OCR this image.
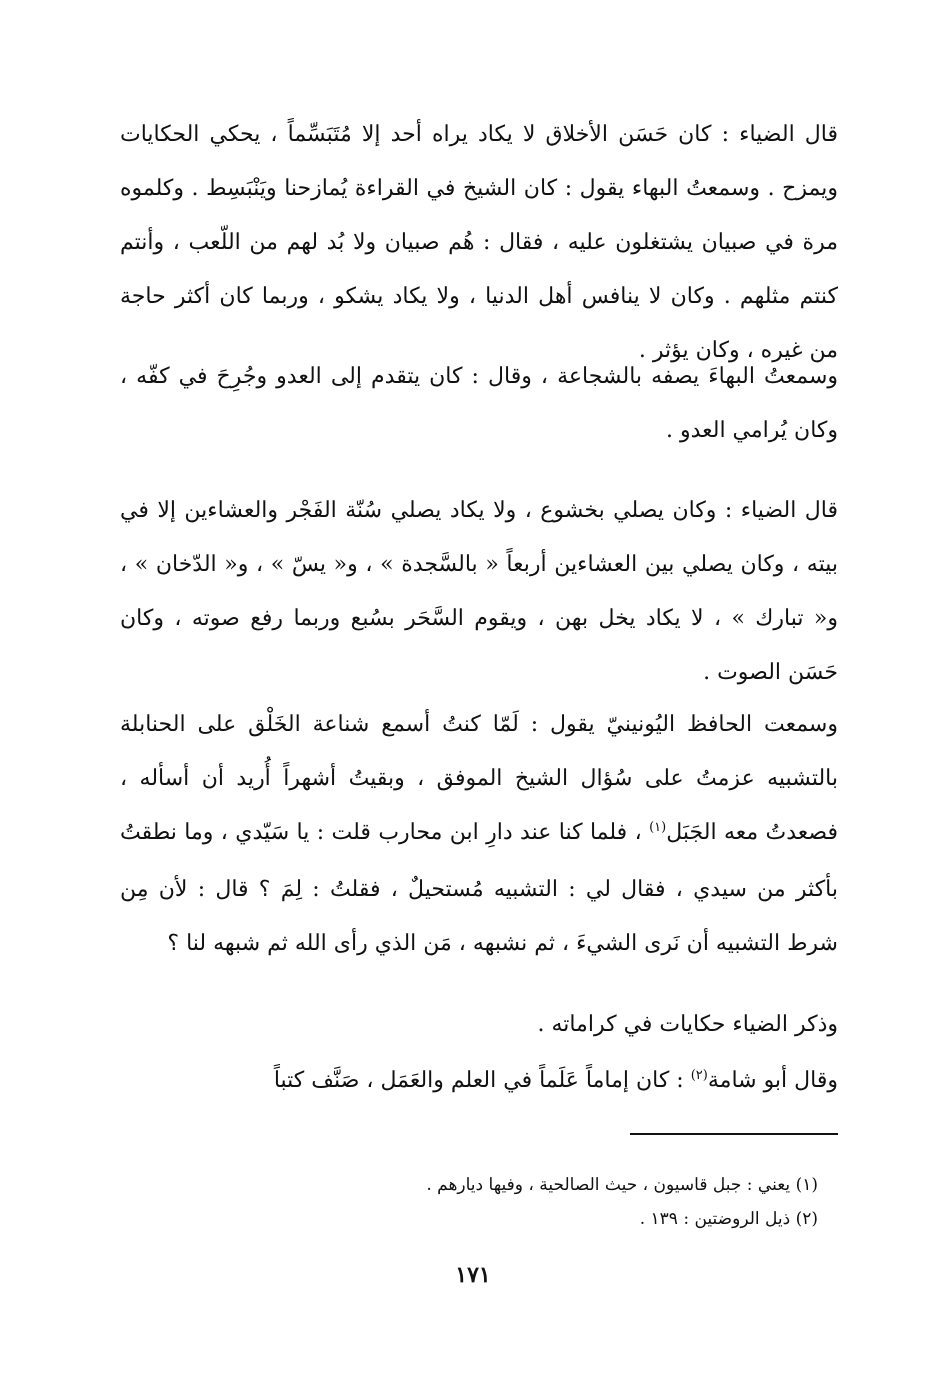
قال الضياء : كان حَسَن الأخلاق لا يكاد يراه أحد إلا مُتَبَسِّماً ، يحكي الحكايات ويمزح . وسمعتُ البهاء يقول : كان الشيخ في القراءة يُمازحنا ويَنْبَسِط . وكلموه مرة في صبيان يشتغلون عليه ، فقال : هُم صبيان ولا بُد لهم من اللّعب ، وأنتم كنتم مثلهم . وكان لا ينافس أهل الدنيا ، ولا يكاد يشكو ، وربما كان أكثر حاجة من غيره ، وكان يؤثر .

وسمعتُ البهاءَ يصفه بالشجاعة ، وقال : كان يتقدم إلى العدو وجُرِحَ في كفّه ، وكان يُرامي العدو .

قال الضياء : وكان يصلي بخشوع ، ولا يكاد يصلي سُنّة الفَجْر والعشاءين إلا في بيته ، وكان يصلي بين العشاءين أربعاً « بالسَّجدة » ، و« يسّ » ، و« الدّخان » ، و« تبارك » ، لا يكاد يخل بهن ، ويقوم السَّحَر بسُبع وربما رفع صوته ، وكان حَسَن الصوت .

وسمعت الحافظ اليُونينيّ يقول : لَمّا كنتُ أسمع شناعة الخَلْق على الحنابلة بالتشبيه عزمتُ على سُؤال الشيخ الموفق ، وبقيتُ أشهراً أُريد أن أسأله ، فصعدتُ معه الجَبَل$^{(١)}$ ، فلما كنا عند دارِ ابن محارب قلت : يا سَيّدي ، وما نطقتُ بأكثر من سيدي ، فقال لي : التشبيه مُستحيلٌ ، فقلتُ : لِمَ ؟ قال : لأن مِن شرط التشبيه أن نَرى الشيءَ ، ثم نشبهه ، مَن الذي رأى الله ثم شبهه لنا ؟

وذكر الضياء حكايات في كراماته .

وقال أبو شامة$^{(٢)}$ : كان إماماً عَلَماً في العلم والعَمَل ، صَنَّف كتباً

(١) يعني : جبل قاسيون ، حيث الصالحية ، وفيها ديارهم .

(٢) ذيل الروضتين : ١٣٩ .

١٧١
